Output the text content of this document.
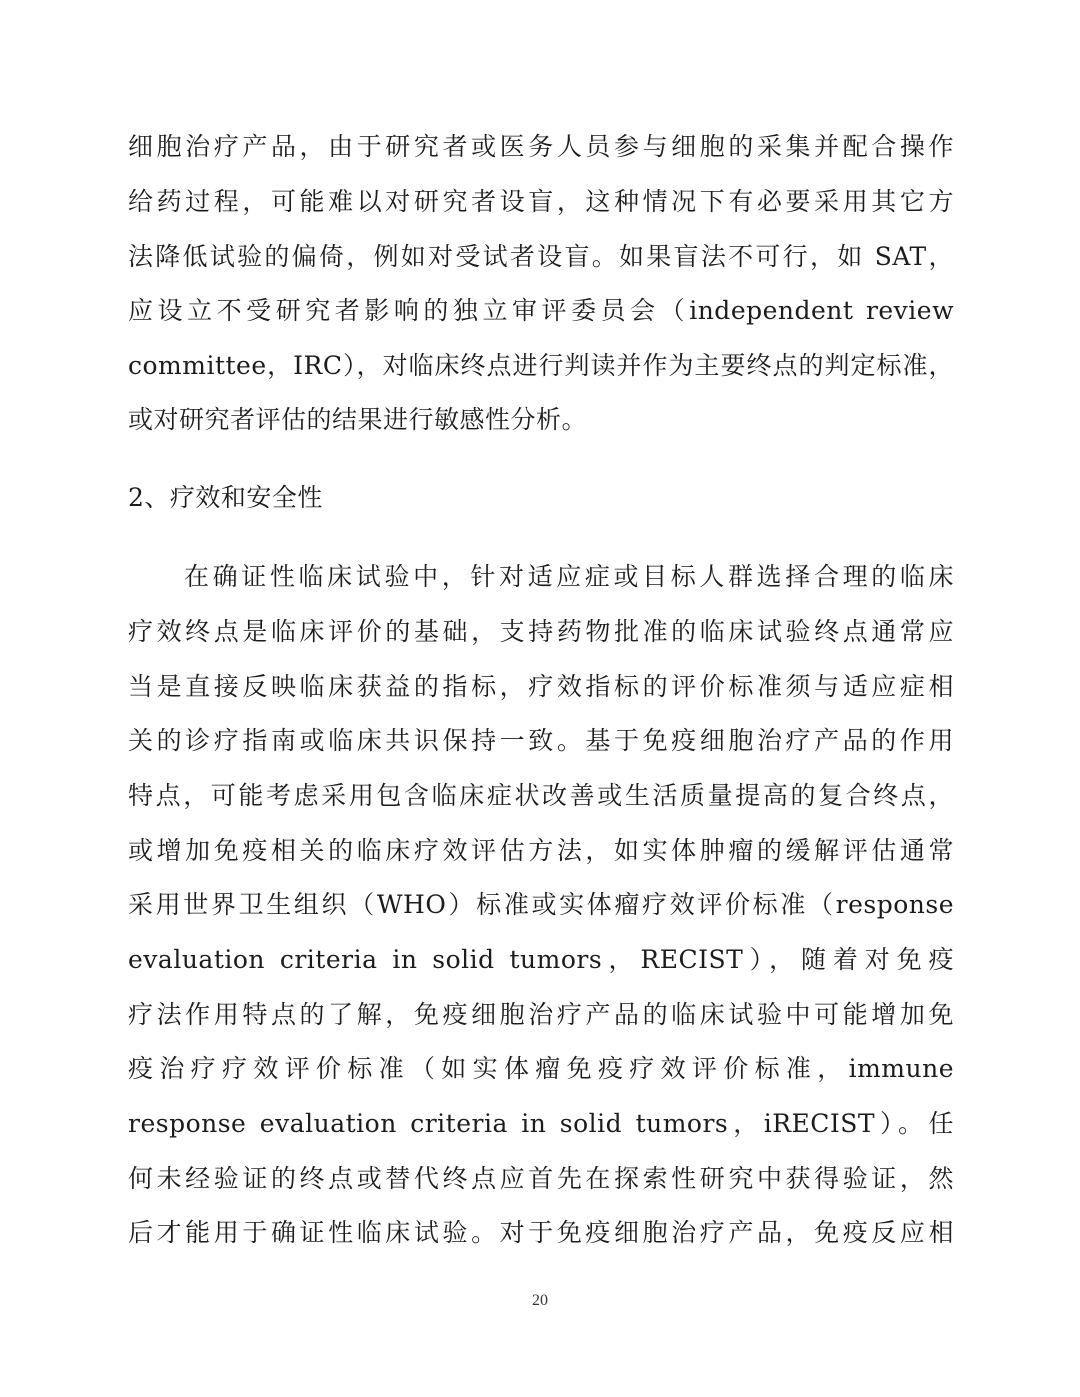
细胞治疗产品，由于研究者或医务人员参与细胞的采集并配合操作
给药过程，可能难以对研究者设盲，这种情况下有必要采用其它方
法降低试验的偏倚，例如对受试者设盲。如果盲法不可行，如 SAT，
应设立不受研究者影响的独立审评委员会（independent review
committee，IRC），对临床终点进行判读并作为主要终点的判定标准，
或对研究者评估的结果进行敏感性分析。
2、疗效和安全性
在确证性临床试验中，针对适应症或目标人群选择合理的临床
疗效终点是临床评价的基础，支持药物批准的临床试验终点通常应
当是直接反映临床获益的指标，疗效指标的评价标准须与适应症相
关的诊疗指南或临床共识保持一致。基于免疫细胞治疗产品的作用
特点，可能考虑采用包含临床症状改善或生活质量提高的复合终点，
或增加免疫相关的临床疗效评估方法，如实体肿瘤的缓解评估通常
采用世界卫生组织（WHO）标准或实体瘤疗效评价标准（response
evaluation criteria in solid tumors，RECIST），随着对免疫
疗法作用特点的了解，免疫细胞治疗产品的临床试验中可能增加免
疫治疗疗效评价标准（如实体瘤免疫疗效评价标准，immune
response evaluation criteria in solid tumors，iRECIST）。任
何未经验证的终点或替代终点应首先在探索性研究中获得验证，然
后才能用于确证性临床试验。对于免疫细胞治疗产品，免疫反应相
20
